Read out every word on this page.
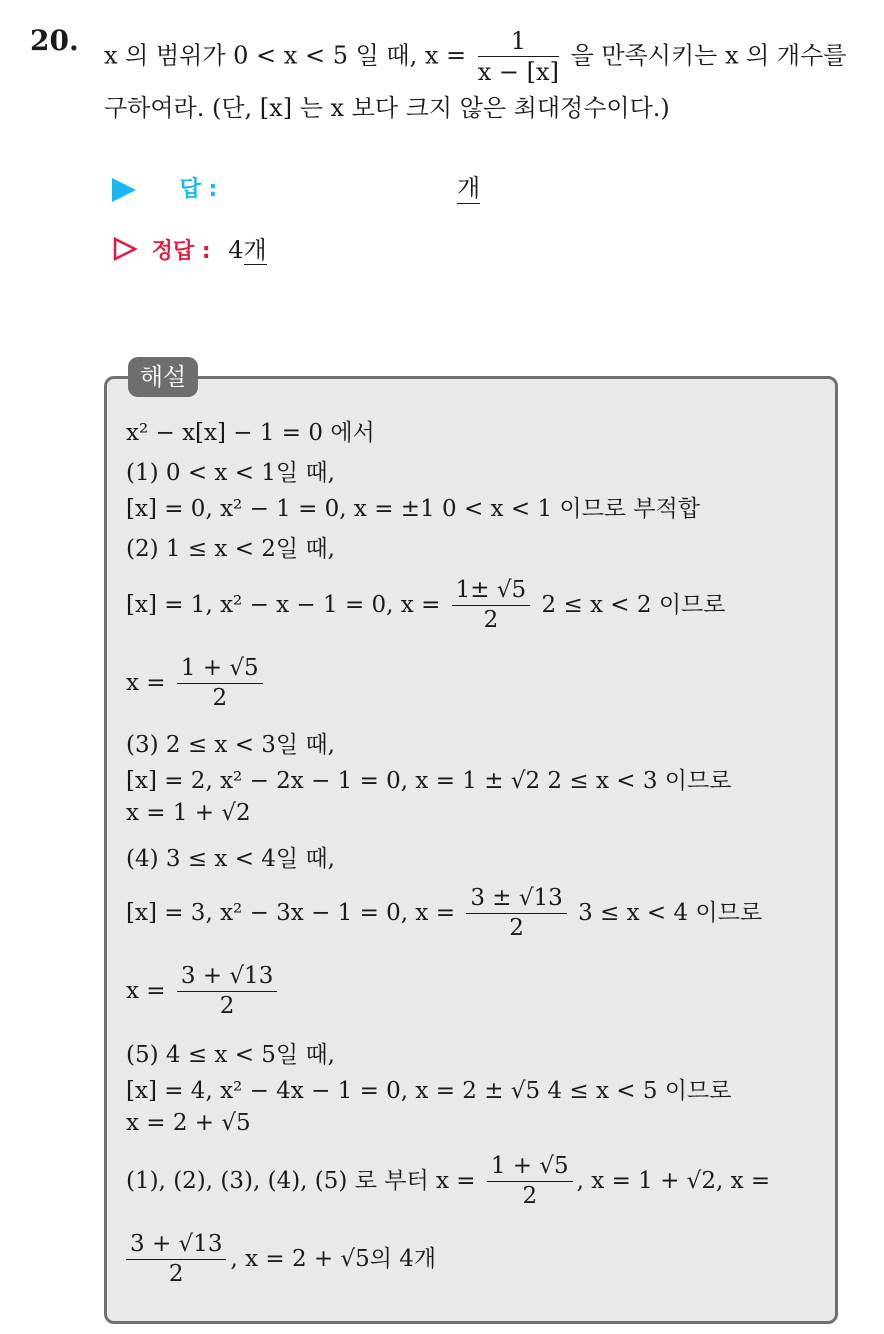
20. x 의 범위가 0 < x < 5 일 때, $x = \frac{1}{x - [x]}$ 을 만족시키는 x 의 개수를
구하여라. (단, [x] 는 x 보다 크지 않은 최대정수이다.)
답 :	개
정답 : 4개
해설
x² − x[x] − 1 = 0 에서
(1) 0 < x < 1일 때,
[x] = 0, x² − 1 = 0, x = ±1 0 < x < 1 이므로 부적합
(2) 1 ≤ x < 2일 때,
[x] = 1, x² − x − 1 = 0, $x = \frac{1\pm √5}{2} 2 \le x < 2$ 이므로
$x = \frac{1 + √5}{2}$
(3) 2 ≤ x < 3일 때,
[x] = 2, x² − 2x − 1 = 0, x = 1 ± √2 2 ≤ x < 3 이므로
x = 1 + √2
(4) 3 ≤ x < 4일 때,
[x] = 3, x² − 3x − 1 = 0, $x = \frac{3 \pm √13}{2} 3 \le x < 4$ 이므로
$x = \frac{3 + √13}{2}$
(5) 4 ≤ x < 5일 때,
[x] = 4, x² − 4x − 1 = 0, x = 2 ± √5 4 ≤ x < 5 이므로
x = 2 + √5
(1), (2), (3), (4), (5) 로 부터 $x = \frac{1 + √5}{2}$ , x = 1 + √2, x =
$\frac{3 + √13}{2}$ , x = 2 + √5의 4개
